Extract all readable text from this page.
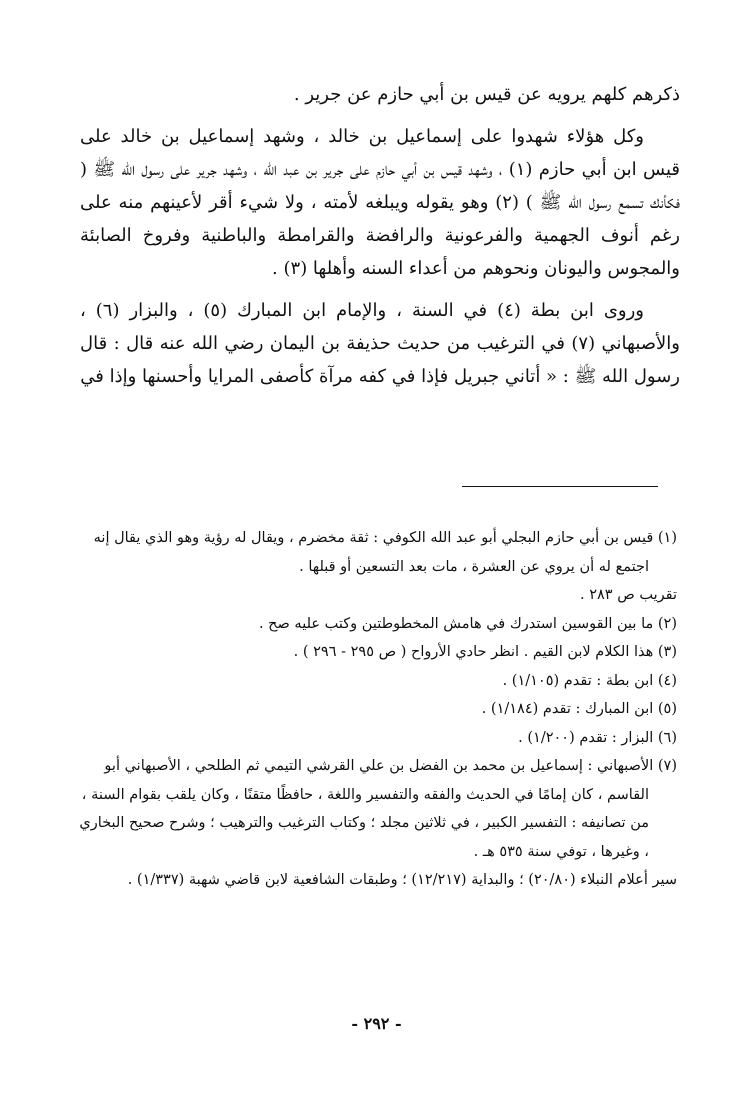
ذكرهم كلهم يرويه عن قيس بن أبي حازم عن جرير .

وكل هؤلاء شهدوا على إسماعيل بن خالد ، وشهد إسماعيل بن خالد على قيس ابن أبي حازم (١) ، وشهد قيس بن أبي حازم على جرير بن عبد الله ، وشهد جرير على رسول الله ﷺ ( فكأنك تسمع رسول الله ﷺ ) (٢) وهو يقوله ويبلغه لأمته ، ولا شيء أقر لأعينهم منه على رغم أنوف الجهمية والفرعونية والرافضة والقرامطة والباطنية وفروخ الصابئة والمجوس واليونان ونحوهم من أعداء السنه وأهلها (٣) .

وروى ابن بطة (٤) في السنة ، والإمام ابن المبارك (٥) ، والبزار (٦) ، والأصبهاني (٧) في الترغيب من حديث حذيفة بن اليمان رضي الله عنه قال : قال رسول الله ﷺ : « أتاني جبريل فإذا في كفه مرآة كأصفى المرايا وأحسنها وإذا في

(١) قيس بن أبي حازم البجلي أبو عبد الله الكوفي : ثقة مخضرم ، ويقال له رؤية وهو الذي يقال إنه اجتمع له أن يروي عن العشرة ، مات بعد التسعين أو قبلها .

تقريب ص ٢٨٣ .

(٢) ما بين القوسين استدرك في هامش المخطوطتين وكتب عليه صح .

(٣) هذا الكلام لابن القيم . انظر حادي الأرواح ( ص ٢٩٥ - ٢٩٦ ) .

(٤) ابن بطة : تقدم (١/١٠٥) .

(٥) ابن المبارك : تقدم (١/١٨٤) .

(٦) البزار : تقدم (١/٢٠٠) .

(٧) الأصبهاني : إسماعيل بن محمد بن الفضل بن علي القرشي التيمي ثم الطلحي ، الأصبهاني أبو القاسم ، كان إمامًا في الحديث والفقه والتفسير واللغة ، حافظًا متقنًا ، وكان يلقب بقوام السنة ، من تصانيفه : التفسير الكبير ، في ثلاثين مجلد ؛ وكتاب الترغيب والترهيب ؛ وشرح صحيح البخاري ، وغيرها ، توفي سنة ٥٣٥ هـ .

سير أعلام النبلاء (٢٠/٨٠) ؛ والبداية (١٢/٢١٧) ؛ وطبقات الشافعية لابن قاضي شهبة (١/٣٣٧) .

- ٢٩٢ -
